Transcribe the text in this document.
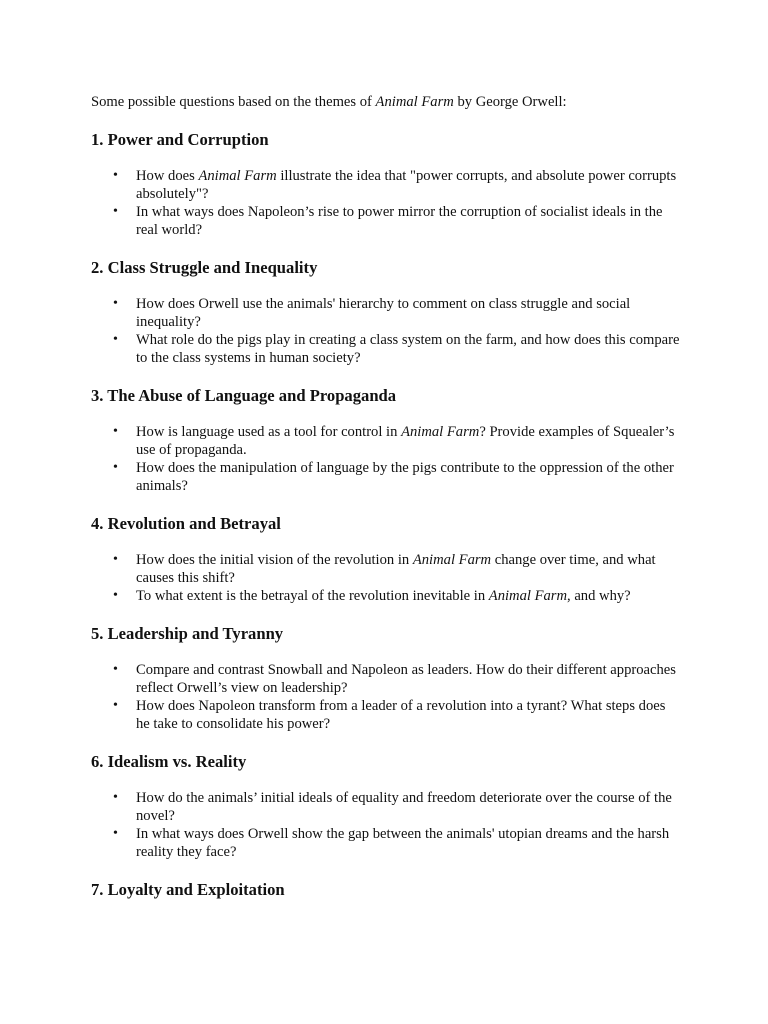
Some possible questions based on the themes of Animal Farm by George Orwell:

1. Power and Corruption
• How does Animal Farm illustrate the idea that "power corrupts, and absolute power corrupts absolutely"?
• In what ways does Napoleon’s rise to power mirror the corruption of socialist ideals in the real world?
2. Class Struggle and Inequality
• How does Orwell use the animals' hierarchy to comment on class struggle and social inequality?
• What role do the pigs play in creating a class system on the farm, and how does this compare to the class systems in human society?
3. The Abuse of Language and Propaganda
• How is language used as a tool for control in Animal Farm? Provide examples of Squealer’s use of propaganda.
• How does the manipulation of language by the pigs contribute to the oppression of the other animals?
4. Revolution and Betrayal
• How does the initial vision of the revolution in Animal Farm change over time, and what causes this shift?
• To what extent is the betrayal of the revolution inevitable in Animal Farm, and why?
5. Leadership and Tyranny
• Compare and contrast Snowball and Napoleon as leaders. How do their different approaches reflect Orwell’s view on leadership?
• How does Napoleon transform from a leader of a revolution into a tyrant? What steps does he take to consolidate his power?
6. Idealism vs. Reality
• How do the animals’ initial ideals of equality and freedom deteriorate over the course of the novel?
• In what ways does Orwell show the gap between the animals' utopian dreams and the harsh reality they face?
7. Loyalty and Exploitation
